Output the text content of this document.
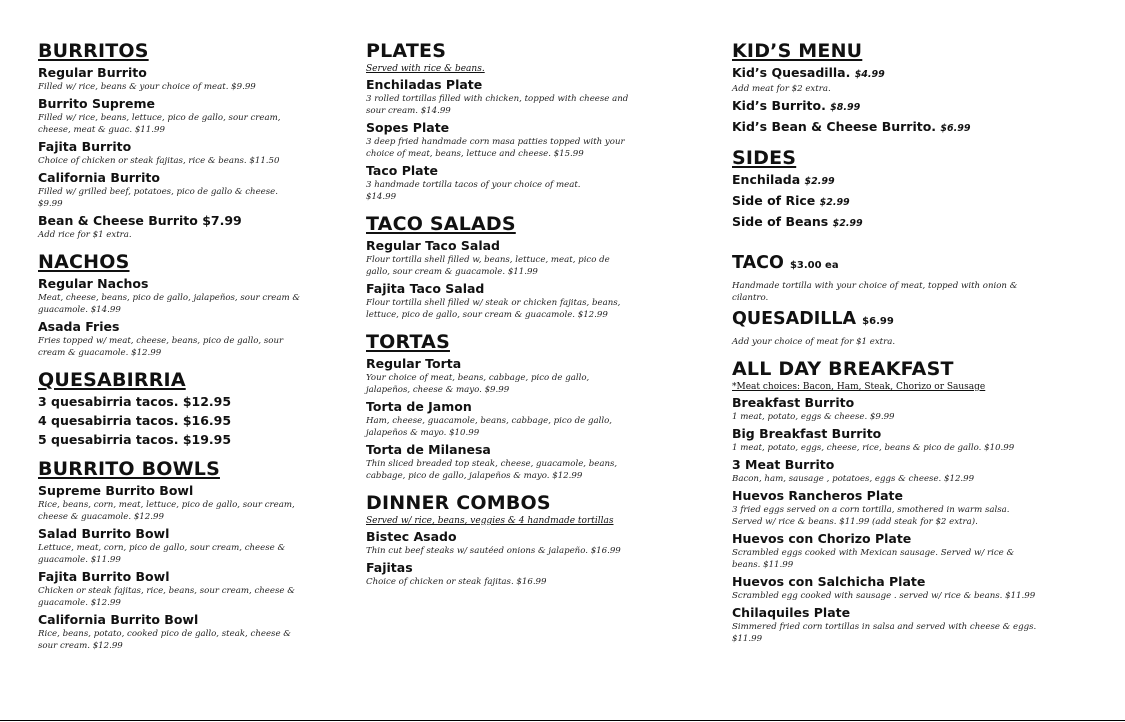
BURRITOS
Regular Burrito
Filled w/ rice, beans & your choice of meat. $9.99
Burrito Supreme
Filled w/ rice, beans, lettuce, pico de gallo, sour cream, cheese, meat & guac. $11.99
Fajita Burrito
Choice of chicken or steak fajitas, rice & beans. $11.50
California Burrito
Filled w/ grilled beef, potatoes, pico de gallo & cheese. $9.99
Bean & Cheese Burrito $7.99
Add rice for $1 extra.
NACHOS
Regular Nachos
Meat, cheese, beans, pico de gallo, jalapeños, sour cream & guacamole. $14.99
Asada Fries
Fries topped w/ meat, cheese, beans, pico de gallo, sour cream & guacamole. $12.99
QUESABIRRIA
3 quesabirria tacos. $12.95
4 quesabirria tacos. $16.95
5 quesabirria tacos. $19.95
BURRITO BOWLS
Supreme Burrito Bowl
Rice, beans, corn, meat, lettuce, pico de gallo, sour cream, cheese & guacamole. $12.99
Salad Burrito Bowl
Lettuce, meat, corn, pico de gallo, sour cream, cheese & guacamole. $11.99
Fajita Burrito Bowl
Chicken or steak fajitas, rice, beans, sour cream, cheese & guacamole. $12.99
California Burrito Bowl
Rice, beans, potato, cooked pico de gallo, steak, cheese & sour cream. $12.99
PLATES
Served with rice & beans.
Enchiladas Plate
3 rolled tortillas filled with chicken, topped with cheese and sour cream. $14.99
Sopes Plate
3 deep fried handmade corn masa patties topped with your choice of meat, beans, lettuce and cheese. $15.99
Taco Plate
3 handmade tortilla tacos of your choice of meat. $14.99
TACO SALADS
Regular Taco Salad
Flour tortilla shell filled w, beans, lettuce, meat, pico de gallo, sour cream & guacamole. $11.99
Fajita Taco Salad
Flour tortilla shell filled w/ steak or chicken fajitas, beans, lettuce, pico de gallo, sour cream & guacamole. $12.99
TORTAS
Regular Torta
Your choice of meat, beans, cabbage, pico de gallo, jalapeños, cheese & mayo. $9.99
Torta de Jamon
Ham, cheese, guacamole, beans, cabbage, pico de gallo, jalapeños & mayo. $10.99
Torta de Milanesa
Thin sliced breaded top steak, cheese, guacamole, beans, cabbage, pico de gallo, jalapeños & mayo. $12.99
DINNER COMBOS
Served w/ rice, beans, veggies & 4 handmade tortillas
Bistec Asado
Thin cut beef steaks w/ sautéed onions & jalapeño. $16.99
Fajitas
Choice of chicken or steak fajitas. $16.99
KID’S MENU
Kid’s Quesadilla. $4.99
Add meat for $2 extra.
Kid’s Burrito. $8.99
Kid’s Bean & Cheese Burrito. $6.99
SIDES
Enchilada $2.99
Side of Rice $2.99
Side of Beans $2.99
TACO $3.00 ea
Handmade tortilla with your choice of meat, topped with onion & cilantro.
QUESADILLA $6.99
Add your choice of meat for $1 extra.
ALL DAY BREAKFAST
*Meat choices: Bacon, Ham, Steak, Chorizo or Sausage
Breakfast Burrito
1 meat, potato, eggs & cheese. $9.99
Big Breakfast Burrito
1 meat, potato, eggs, cheese, rice, beans & pico de gallo. $10.99
3 Meat Burrito
Bacon, ham, sausage , potatoes, eggs & cheese. $12.99
Huevos Rancheros Plate
3 fried eggs served on a corn tortilla, smothered in warm salsa. Served w/ rice & beans. $11.99 (add steak for $2 extra).
Huevos con Chorizo Plate
Scrambled eggs cooked with Mexican sausage. Served w/ rice & beans. $11.99
Huevos con Salchicha Plate
Scrambled egg cooked with sausage . served w/ rice & beans. $11.99
Chilaquiles Plate
Simmered fried corn tortillas in salsa and served with cheese & eggs. $11.99
